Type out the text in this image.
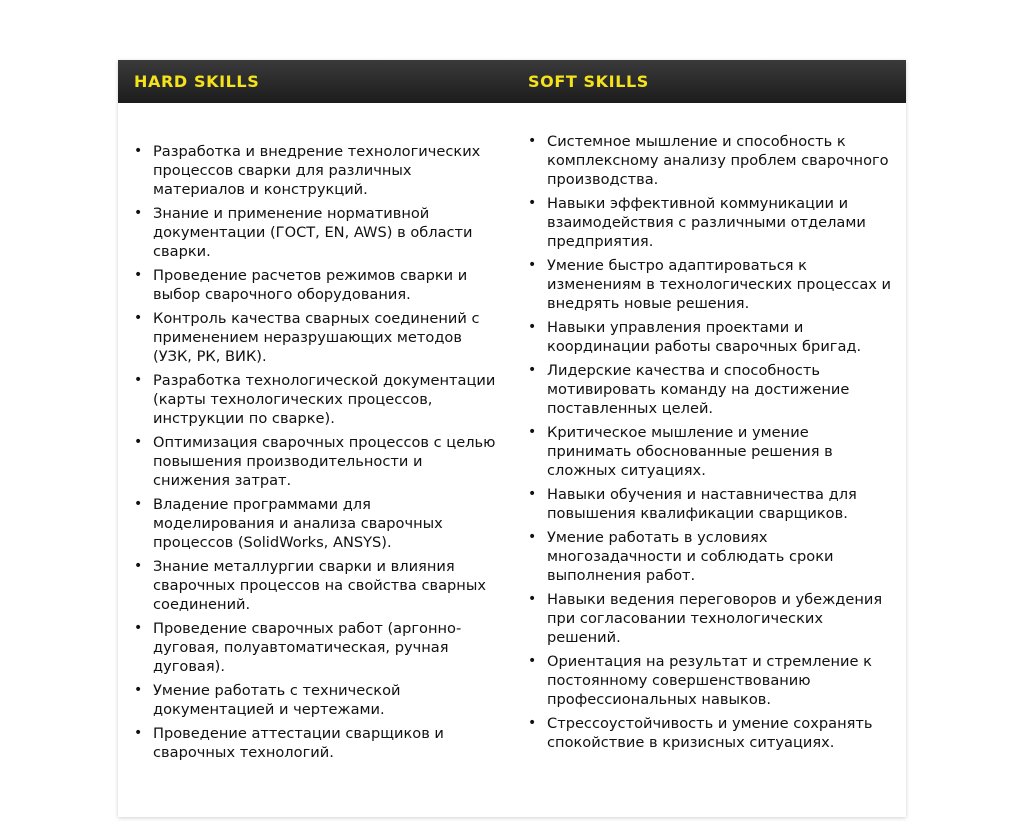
HARD SKILLS	SOFT SKILLS
• Разработка и внедрение технологических процессов сварки для различных материалов и конструкций.
• Знание и применение нормативной документации (ГОСТ, EN, AWS) в области сварки.
• Проведение расчетов режимов сварки и выбор сварочного оборудования.
• Контроль качества сварных соединений с применением неразрушающих методов (УЗК, РК, ВИК).
• Разработка технологической документации (карты технологических процессов, инструкции по сварке).
• Оптимизация сварочных процессов с целью повышения производительности и снижения затрат.
• Владение программами для моделирования и анализа сварочных процессов (SolidWorks, ANSYS).
• Знание металлургии сварки и влияния сварочных процессов на свойства сварных соединений.
• Проведение сварочных работ (аргонно-дуговая, полуавтоматическая, ручная дуговая).
• Умение работать с технической документацией и чертежами.
• Проведение аттестации сварщиков и сварочных технологий.
• Системное мышление и способность к комплексному анализу проблем сварочного производства.
• Навыки эффективной коммуникации и взаимодействия с различными отделами предприятия.
• Умение быстро адаптироваться к изменениям в технологических процессах и внедрять новые решения.
• Навыки управления проектами и координации работы сварочных бригад.
• Лидерские качества и способность мотивировать команду на достижение поставленных целей.
• Критическое мышление и умение принимать обоснованные решения в сложных ситуациях.
• Навыки обучения и наставничества для повышения квалификации сварщиков.
• Умение работать в условиях многозадачности и соблюдать сроки выполнения работ.
• Навыки ведения переговоров и убеждения при согласовании технологических решений.
• Ориентация на результат и стремление к постоянному совершенствованию профессиональных навыков.
• Стрессоустойчивость и умение сохранять спокойствие в кризисных ситуациях.
